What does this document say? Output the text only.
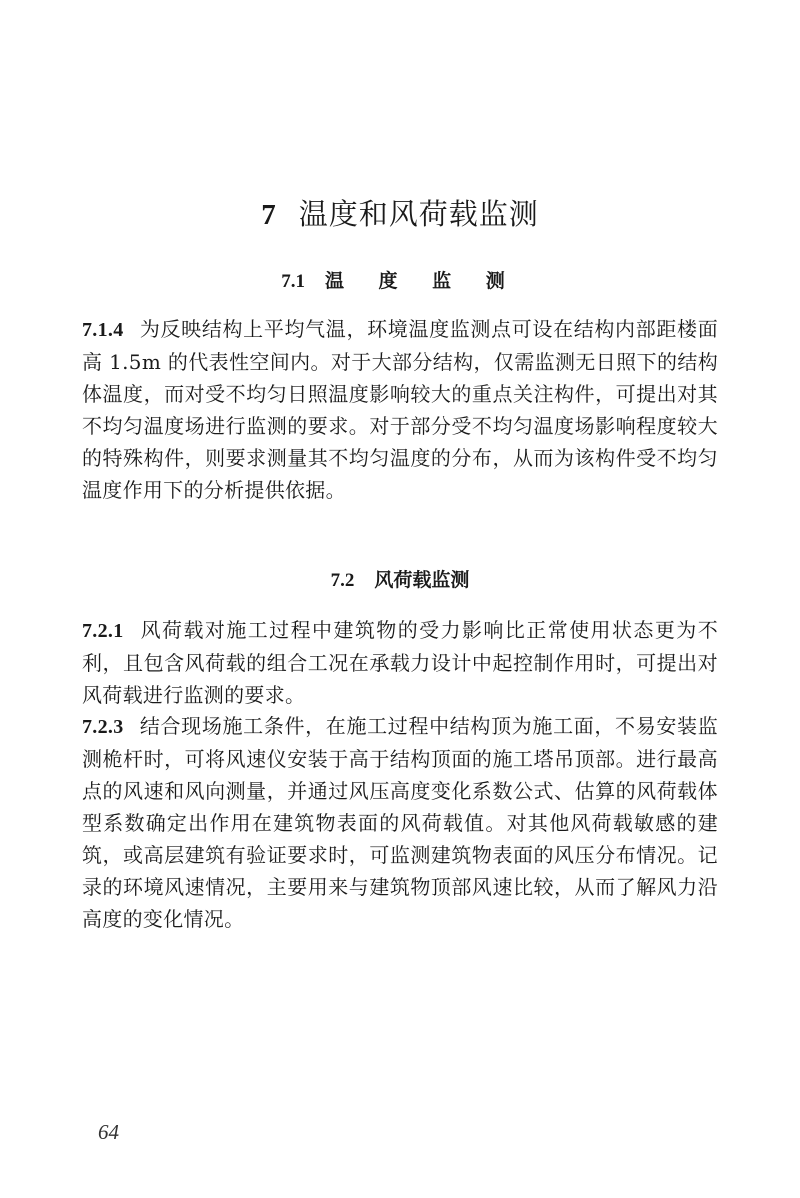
7 温度和风荷载监测
7.1 温 度 监 测
7.1.4 为反映结构上平均气温，环境温度监测点可设在结构内部距楼面高 1.5m 的代表性空间内。对于大部分结构，仅需监测无日照下的结构体温度，而对受不均匀日照温度影响较大的重点关注构件，可提出对其不均匀温度场进行监测的要求。对于部分受不均匀温度场影响程度较大的特殊构件，则要求测量其不均匀温度的分布，从而为该构件受不均匀温度作用下的分析提供依据。
7.2 风荷载监测
7.2.1 风荷载对施工过程中建筑物的受力影响比正常使用状态更为不利，且包含风荷载的组合工况在承载力设计中起控制作用时，可提出对风荷载进行监测的要求。
7.2.3 结合现场施工条件，在施工过程中结构顶为施工面，不易安装监测桅杆时，可将风速仪安装于高于结构顶面的施工塔吊顶部。进行最高点的风速和风向测量，并通过风压高度变化系数公式、估算的风荷载体型系数确定出作用在建筑物表面的风荷载值。对其他风荷载敏感的建筑，或高层建筑有验证要求时，可监测建筑物表面的风压分布情况。记录的环境风速情况，主要用来与建筑物顶部风速比较，从而了解风力沿高度的变化情况。
64
